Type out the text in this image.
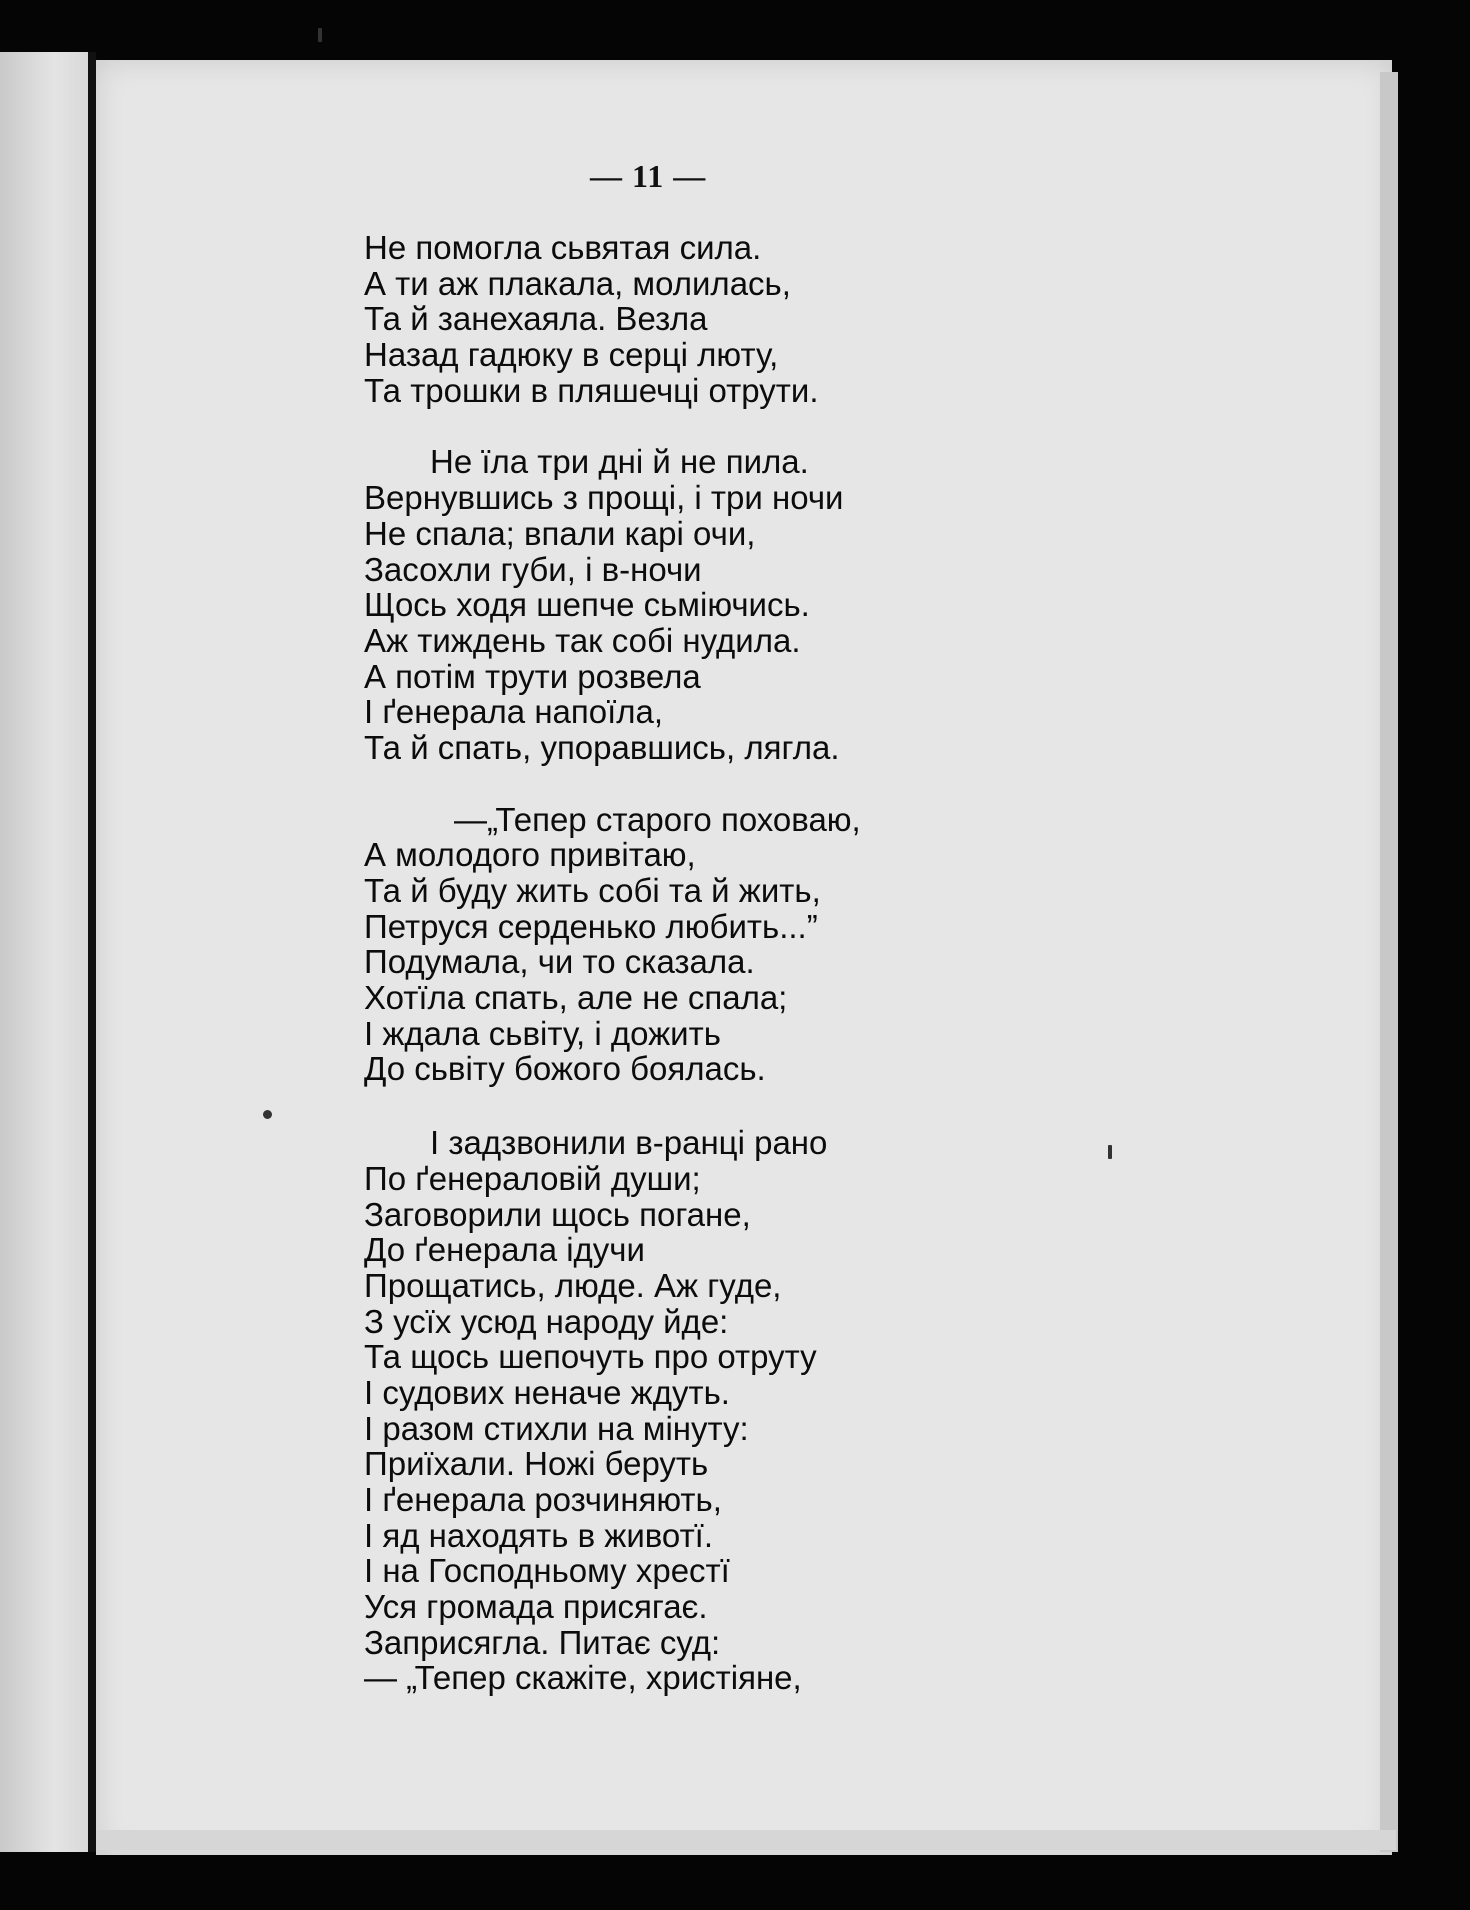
— 11 —
Не помогла сьвятая сила.
А ти аж плакала, молилась,
Та й занехаяла. Везла
Назад гадюку в серці люту,
Та трошки в пляшечці отрути.
Не їла три дні й не пила.
Вернувшись з прощі, і три ночи
Не спала; впали карі очи,
Засохли губи, і в-ночи
Щось ходя шепче сьміючись.
Аж тиждень так собі нудила.
А потім трути розвела
І ґенерала напоїла,
Та й спать, упоравшись, лягла.
—„Тепер старого поховаю,
А молодого привітаю,
Та й буду жить собі та й жить,
Петруся серденько любить...”
Подумала, чи то сказала.
Хотїла спать, але не спала;
І ждала сьвіту, і дожить
До сьвіту божого боялась.
І задзвонили в-ранці рано
По ґенераловій души;
Заговорили щось погане,
До ґенерала ідучи
Прощатись, люде. Аж гуде,
З усїх усюд народу йде:
Та щось шепочуть про отруту
І судових неначе ждуть.
І разом стихли на мінуту:
Приїхали. Ножі беруть
І ґенерала розчиняють,
І яд находять в животї.
І на Господньому хрестї
Уся громада присягає.
Заприсягла. Питає суд:
— „Тепер скажіте, христіяне,
